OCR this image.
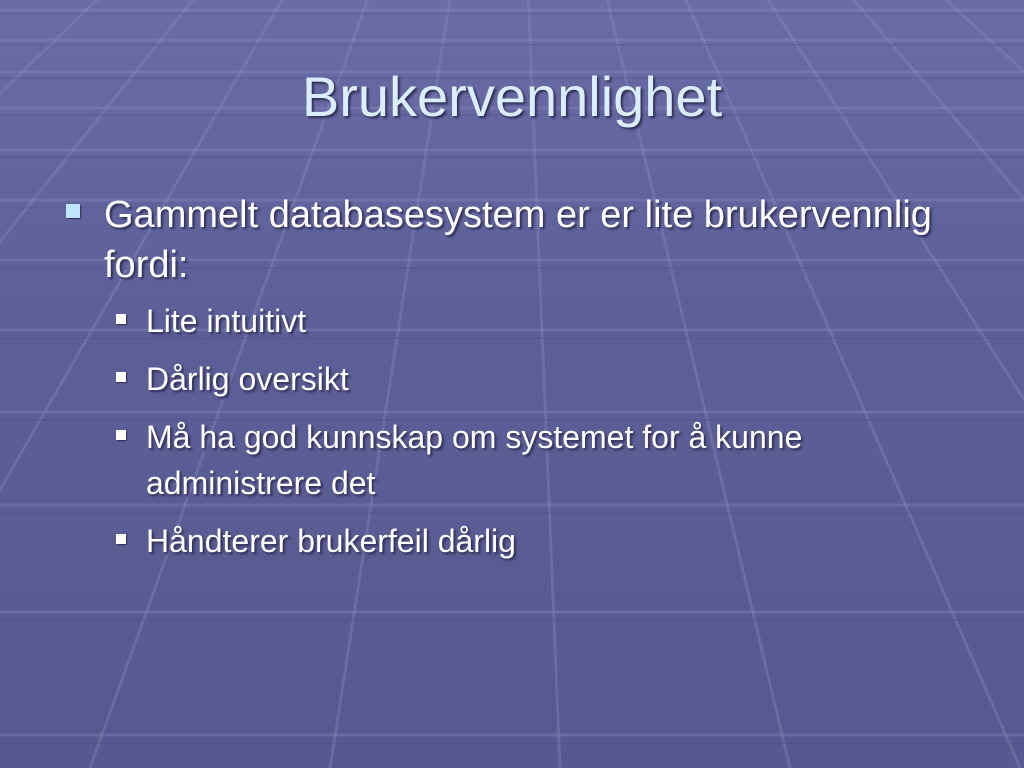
Brukervennlighet
Gammelt databasesystem er er lite brukervennlig fordi:
Lite intuitivt
Dårlig oversikt
Må ha god kunnskap om systemet for å kunne administrere det
Håndterer brukerfeil dårlig
